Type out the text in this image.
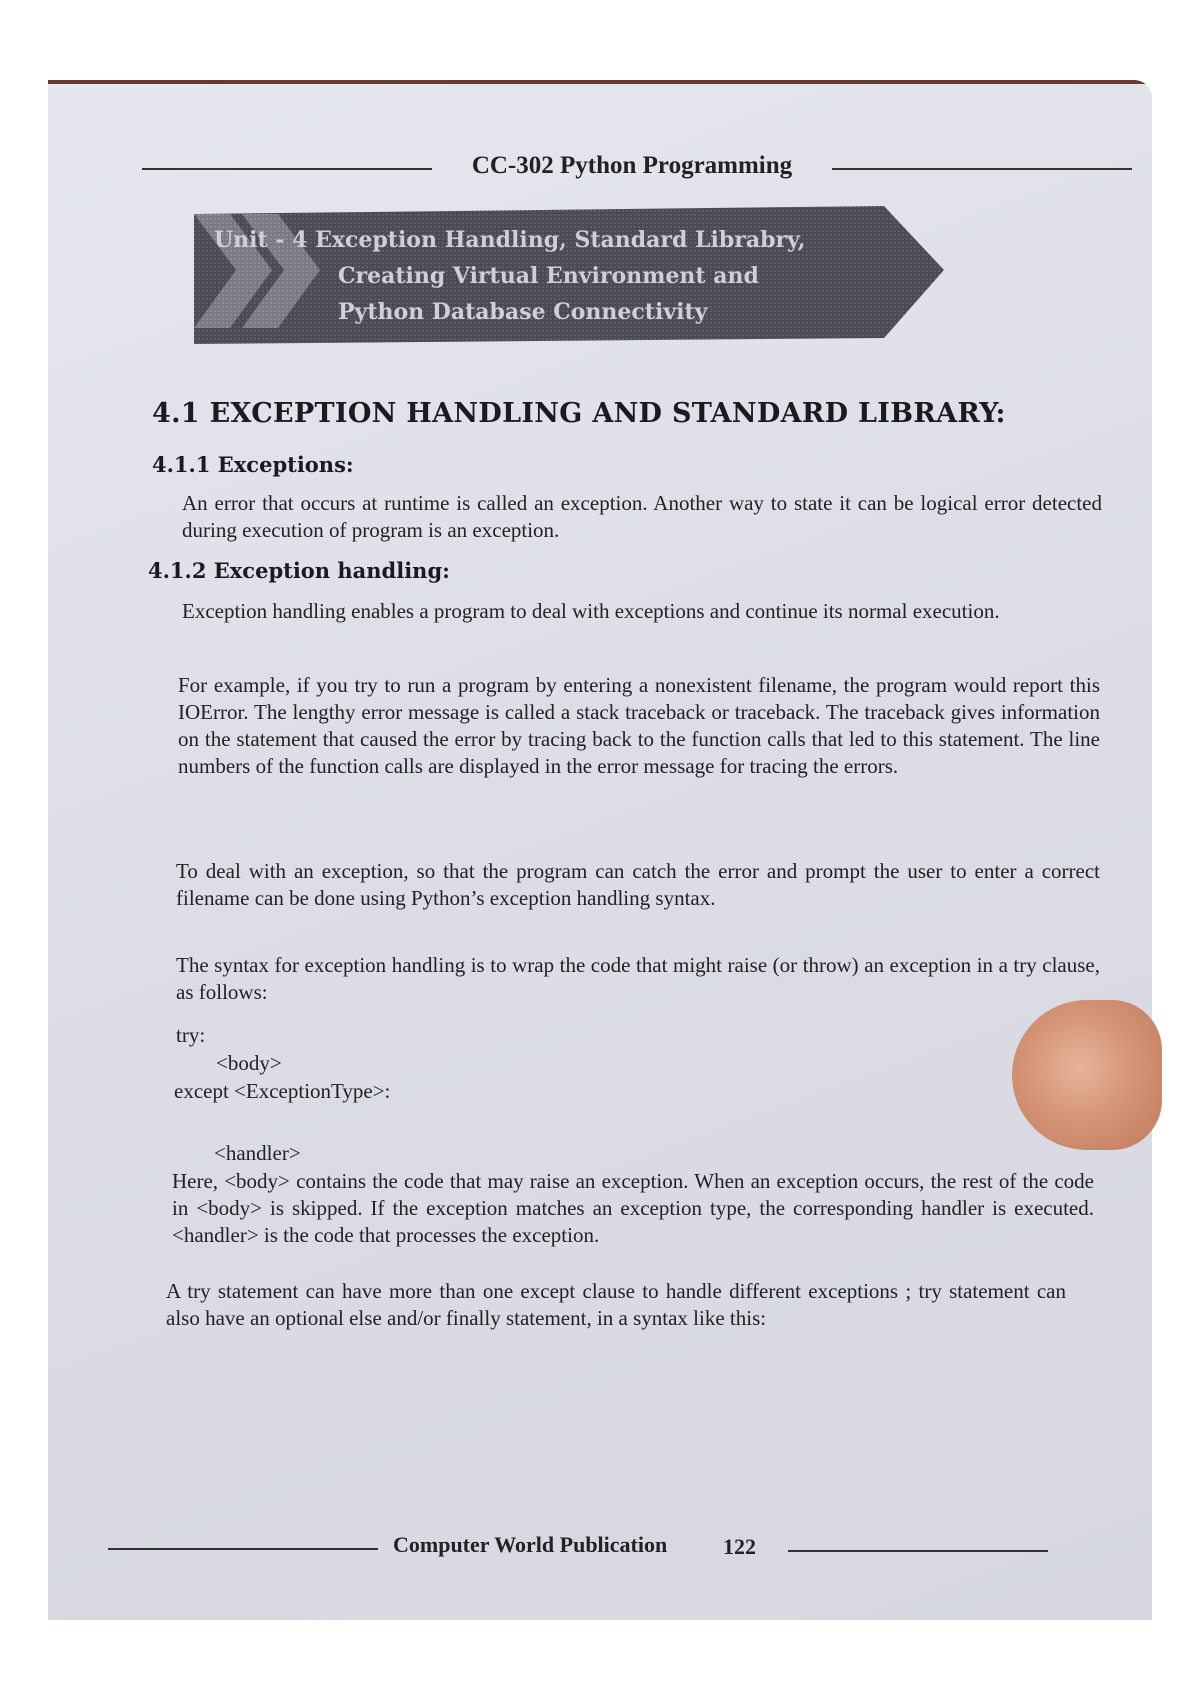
CC-302 Python Programming
Unit - 4 Exception Handling, Standard Librabry,
Creating Virtual Environment and
Python Database Connectivity
4.1 EXCEPTION HANDLING AND STANDARD LIBRARY:
4.1.1 Exceptions:

An error that occurs at runtime is called an exception. Another way to state it can be logical error detected during execution of program is an exception.

4.1.2 Exception handling:

Exception handling enables a program to deal with exceptions and continue its normal execution.

For example, if you try to run a program by entering a nonexistent filename, the program would report this IOError. The lengthy error message is called a stack traceback or traceback. The traceback gives information on the statement that caused the error by tracing back to the function calls that led to this statement. The line numbers of the function calls are displayed in the error message for tracing the errors.

To deal with an exception, so that the program can catch the error and prompt the user to enter a correct filename can be done using Python’s exception handling syntax.

The syntax for exception handling is to wrap the code that might raise (or throw) an exception in a try clause, as follows:

try:
<body>
except <ExceptionType>:
<handler>

Here, <body> contains the code that may raise an exception. When an exception occurs, the rest of the code in <body> is skipped. If the exception matches an exception type, the corresponding handler is executed. <handler> is the code that processes the exception.

A try statement can have more than one except clause to handle different exceptions ; try statement can also have an optional else and/or finally statement, in a syntax like this:

Computer World Publication	122
